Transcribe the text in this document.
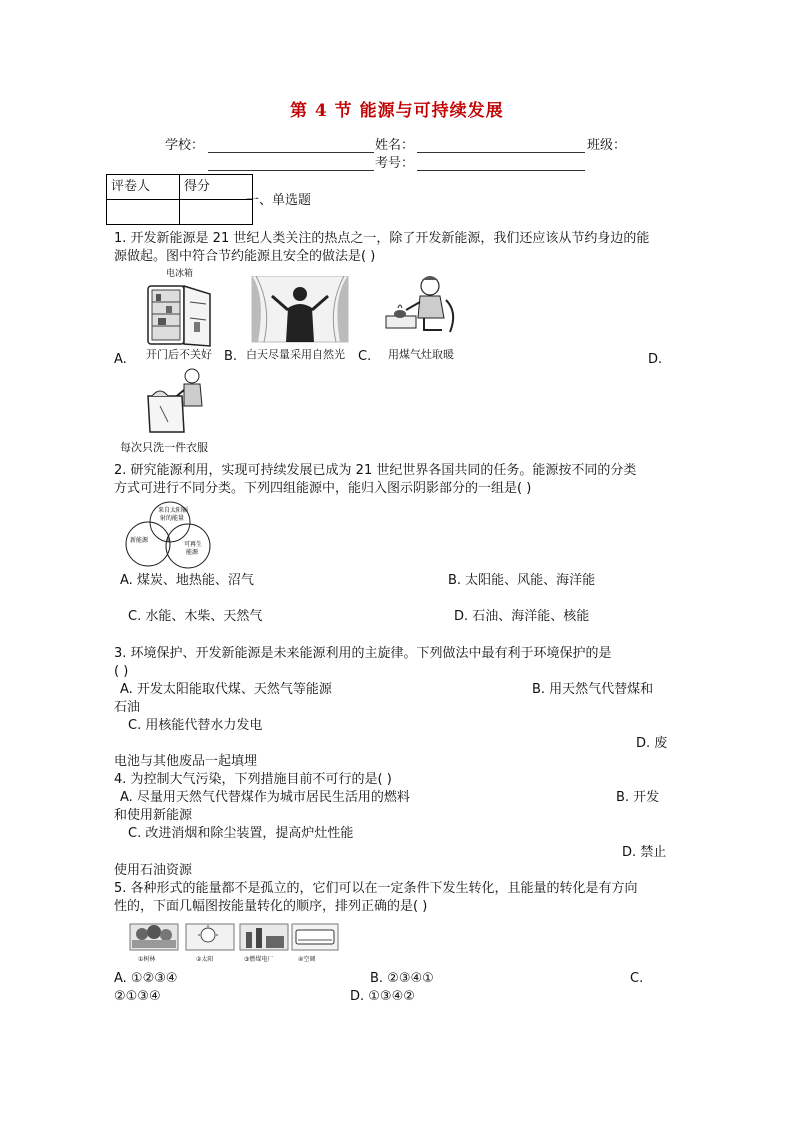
第 4 节 能源与可持续发展
学校：	姓名：	班级：
考号：
评卷人	得分

一、单选题
1. 开发新能源是 21 世纪人类关注的热点之一，除了开发新能源，我们还应该从节约身边的能
源做起。图中符合节约能源且安全的做法是( )
电冰箱
开门后不关好
A.	白天尽量采用自然光
B.	用煤气灶取暖
C.	D.
每次只洗一件衣服
2. 研究能源利用，实现可持续发展已成为 21 世纪世界各国共同的任务。能源按不同的分类
方式可进行不同分类。下列四组能源中，能归入图示阴影部分的一组是( )
来自太阳辐
射的能量
新能源
可再生
能源
A. 煤炭、地热能、沼气	B. 太阳能、风能、海洋能
C. 水能、木柴、天然气	D. 石油、海洋能、核能
3. 环境保护、开发新能源是未来能源利用的主旋律。下列做法中最有利于环境保护的是
( )
A. 开发太阳能取代煤、天然气等能源	B. 用天然气代替煤和
石油
C. 用核能代替水力发电
D. 废
电池与其他废品一起填埋
4. 为控制大气污染，下列措施目前不可行的是( )
A. 尽量用天然气代替煤作为城市居民生活用的燃料	B. 开发
和使用新能源
C. 改进消烟和除尘装置，提高炉灶性能
D. 禁止
使用石油资源
5. 各种形式的能量都不是孤立的，它们可以在一定条件下发生转化，且能量的转化是有方向
性的，下面几幅图按能量转化的顺序，排列正确的是( )
①树林	②太阳	③燃煤电厂	④空调
A. ①②③④	B. ②③④①	C.
②①③④	D. ①③④②
